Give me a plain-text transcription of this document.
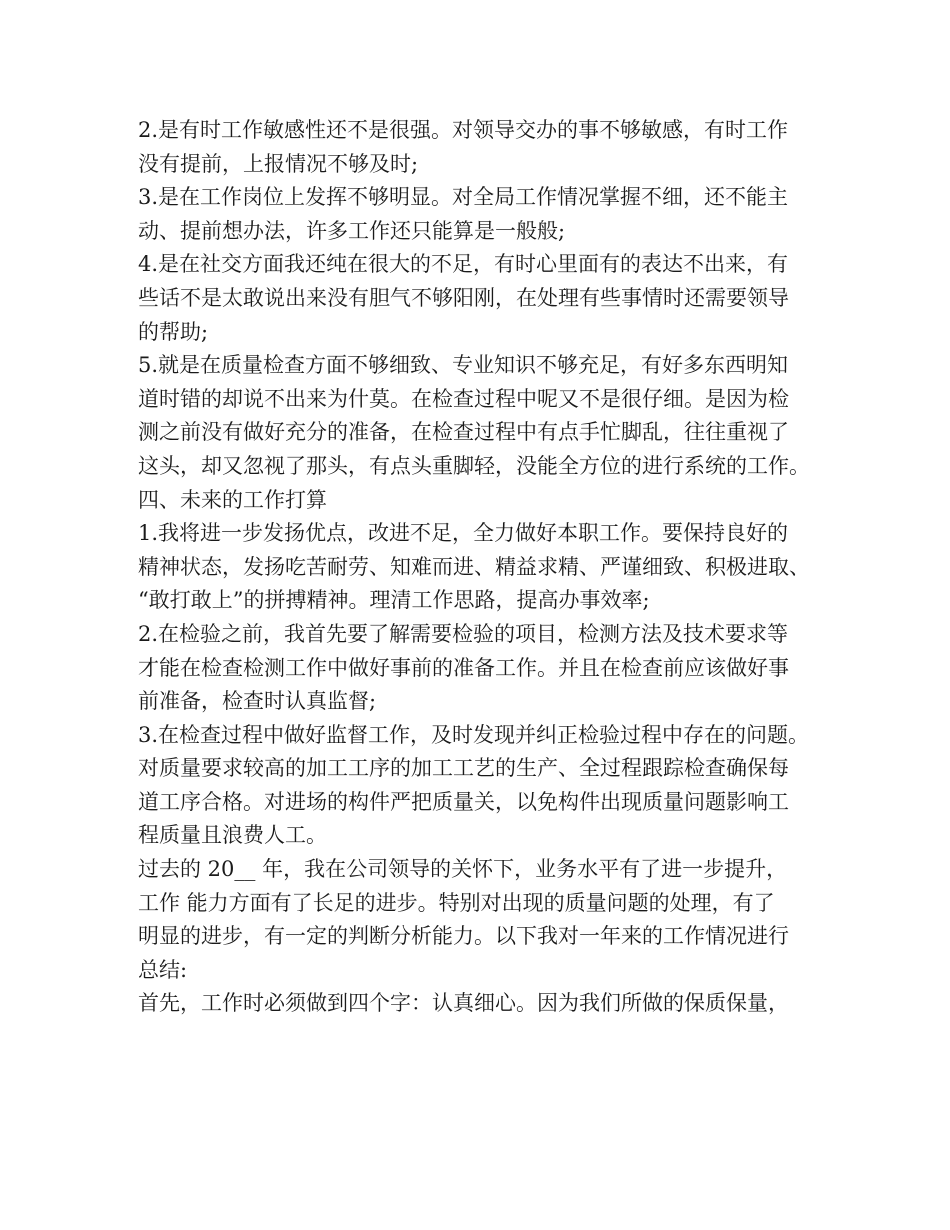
2.是有时工作敏感性还不是很强。对领导交办的事不够敏感，有时工作
没有提前，上报情况不够及时;
3.是在工作岗位上发挥不够明显。对全局工作情况掌握不细，还不能主
动、提前想办法，许多工作还只能算是一般般;
4.是在社交方面我还纯在很大的不足，有时心里面有的表达不出来，有
些话不是太敢说出来没有胆气不够阳刚，在处理有些事情时还需要领导
的帮助;
5.就是在质量检查方面不够细致、专业知识不够充足，有好多东西明知
道时错的却说不出来为什莫。在检查过程中呢又不是很仔细。是因为检
测之前没有做好充分的准备，在检查过程中有点手忙脚乱，往往重视了
这头，却又忽视了那头，有点头重脚轻，没能全方位的进行系统的工作。
四、未来的工作打算
1.我将进一步发扬优点，改进不足，全力做好本职工作。要保持良好的
精神状态，发扬吃苦耐劳、知难而进、精益求精、严谨细致、积极进取、
“敢打敢上”的拼搏精神。理清工作思路，提高办事效率;
2.在检验之前，我首先要了解需要检验的项目，检测方法及技术要求等
才能在检查检测工作中做好事前的准备工作。并且在检查前应该做好事
前准备，检查时认真监督;
3.在检查过程中做好监督工作，及时发现并纠正检验过程中存在的问题。
对质量要求较高的加工工序的加工工艺的生产、全过程跟踪检查确保每
道工序合格。对进场的构件严把质量关，以免构件出现质量问题影响工
程质量且浪费人工。
过去的 20__ 年，我在公司领导的关怀下，业务水平有了进一步提升，
工作 能力方面有了长足的进步。特别对出现的质量问题的处理，有了
明显的进步，有一定的判断分析能力。以下我对一年来的工作情况进行
总结:
首先，工作时必须做到四个字：认真细心。因为我们所做的保质保量，
